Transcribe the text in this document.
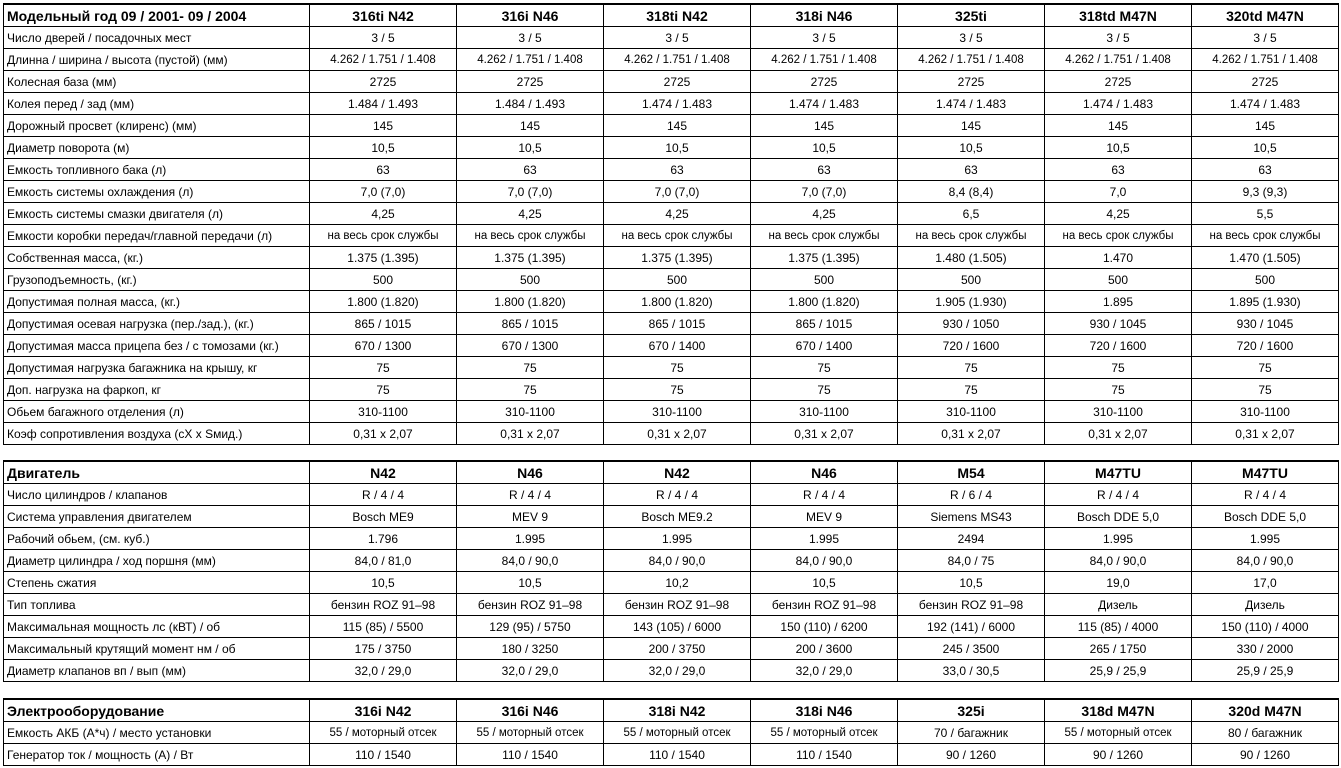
Модельный год 09 / 2001- 09 / 2004	316ti N42	316i N46	318ti N42	318i N46	325ti	318td M47N	320td M47N
Число дверей / посадочных мест	3 / 5	3 / 5	3 / 5	3 / 5	3 / 5	3 / 5	3 / 5
Длинна / ширина / высота (пустой) (мм)	4.262 / 1.751 / 1.408	4.262 / 1.751 / 1.408	4.262 / 1.751 / 1.408	4.262 / 1.751 / 1.408	4.262 / 1.751 / 1.408	4.262 / 1.751 / 1.408	4.262 / 1.751 / 1.408
Колесная база (мм)	2725	2725	2725	2725	2725	2725	2725
Колея перед / зад (мм)	1.484 / 1.493	1.484 / 1.493	1.474 / 1.483	1.474 / 1.483	1.474 / 1.483	1.474 / 1.483	1.474 / 1.483
Дорожный просвет (клиренс) (мм)	145	145	145	145	145	145	145
Диаметр поворота (м)	10,5	10,5	10,5	10,5	10,5	10,5	10,5
Емкость топливного бака (л)	63	63	63	63	63	63	63
Емкость системы охлаждения (л)	7,0 (7,0)	7,0 (7,0)	7,0 (7,0)	7,0 (7,0)	8,4 (8,4)	7,0	9,3 (9,3)
Емкость системы смазки двигателя (л)	4,25	4,25	4,25	4,25	6,5	4,25	5,5
Емкости коробки передач/главной передачи (л)	на весь срок службы	на весь срок службы	на весь срок службы	на весь срок службы	на весь срок службы	на весь срок службы	на весь срок службы
Собственная масса, (кг.)	1.375 (1.395)	1.375 (1.395)	1.375 (1.395)	1.375 (1.395)	1.480 (1.505)	1.470	1.470 (1.505)
Грузоподъемность, (кг.)	500	500	500	500	500	500	500
Допустимая полная масса, (кг.)	1.800 (1.820)	1.800 (1.820)	1.800 (1.820)	1.800 (1.820)	1.905 (1.930)	1.895	1.895 (1.930)
Допустимая осевая нагрузка (пер./зад.), (кг.)	865 / 1015	865 / 1015	865 / 1015	865 / 1015	930 / 1050	930 / 1045	930 / 1045
Допустимая масса прицепа без / с томозами (кг.)	670 / 1300	670 / 1300	670 / 1400	670 / 1400	720 / 1600	720 / 1600	720 / 1600
Допустимая нагрузка багажника на крышу, кг	75	75	75	75	75	75	75
Доп. нагрузка на фаркоп, кг	75	75	75	75	75	75	75
Обьем багажного отделения (л)	310-1100	310-1100	310-1100	310-1100	310-1100	310-1100	310-1100
Коэф сопротивления воздуха (cX x Sмид.)	0,31 x 2,07	0,31 x 2,07	0,31 x 2,07	0,31 x 2,07	0,31 x 2,07	0,31 x 2,07	0,31 x 2,07
Двигатель	N42	N46	N42	N46	M54	M47TU	M47TU
Число цилиндров / клапанов	R / 4 / 4	R / 4 / 4	R / 4 / 4	R / 4 / 4	R / 6 / 4	R / 4 / 4	R / 4 / 4
Система управления двигателем	Bosch ME9	MEV 9	Bosch ME9.2	MEV 9	Siemens MS43	Bosch DDE 5,0	Bosch DDE 5,0
Рабочий обьем, (см. куб.)	1.796	1.995	1.995	1.995	2494	1.995	1.995
Диаметр цилиндра / ход поршня (мм)	84,0 / 81,0	84,0 / 90,0	84,0 / 90,0	84,0 / 90,0	84,0 / 75	84,0 / 90,0	84,0 / 90,0
Степень сжатия	10,5	10,5	10,2	10,5	10,5	19,0	17,0
Тип топлива	бензин ROZ 91–98	бензин ROZ 91–98	бензин ROZ 91–98	бензин ROZ 91–98	бензин ROZ 91–98	Дизель	Дизель
Максимальная мощность лс (кВТ) / об	115 (85) / 5500	129 (95) / 5750	143 (105) / 6000	150 (110) / 6200	192 (141) / 6000	115 (85) / 4000	150 (110) / 4000
Максимальный крутящий момент нм / об	175 / 3750	180 / 3250	200 / 3750	200 / 3600	245 / 3500	265 / 1750	330 / 2000
Диаметр клапанов вп / вып (мм)	32,0 / 29,0	32,0 / 29,0	32,0 / 29,0	32,0 / 29,0	33,0 / 30,5	25,9 / 25,9	25,9 / 25,9
Электрооборудование	316i N42	316i N46	318i N42	318i N46	325i	318d M47N	320d M47N
Емкость АКБ (А*ч) / место установки	55 / моторный отсек	55 / моторный отсек	55 / моторный отсек	55 / моторный отсек	70 / багажник	55 / моторный отсек	80 / багажник
Генератор ток / мощность (А) / Вт	110 / 1540	110 / 1540	110 / 1540	110 / 1540	90 / 1260	90 / 1260	90 / 1260
